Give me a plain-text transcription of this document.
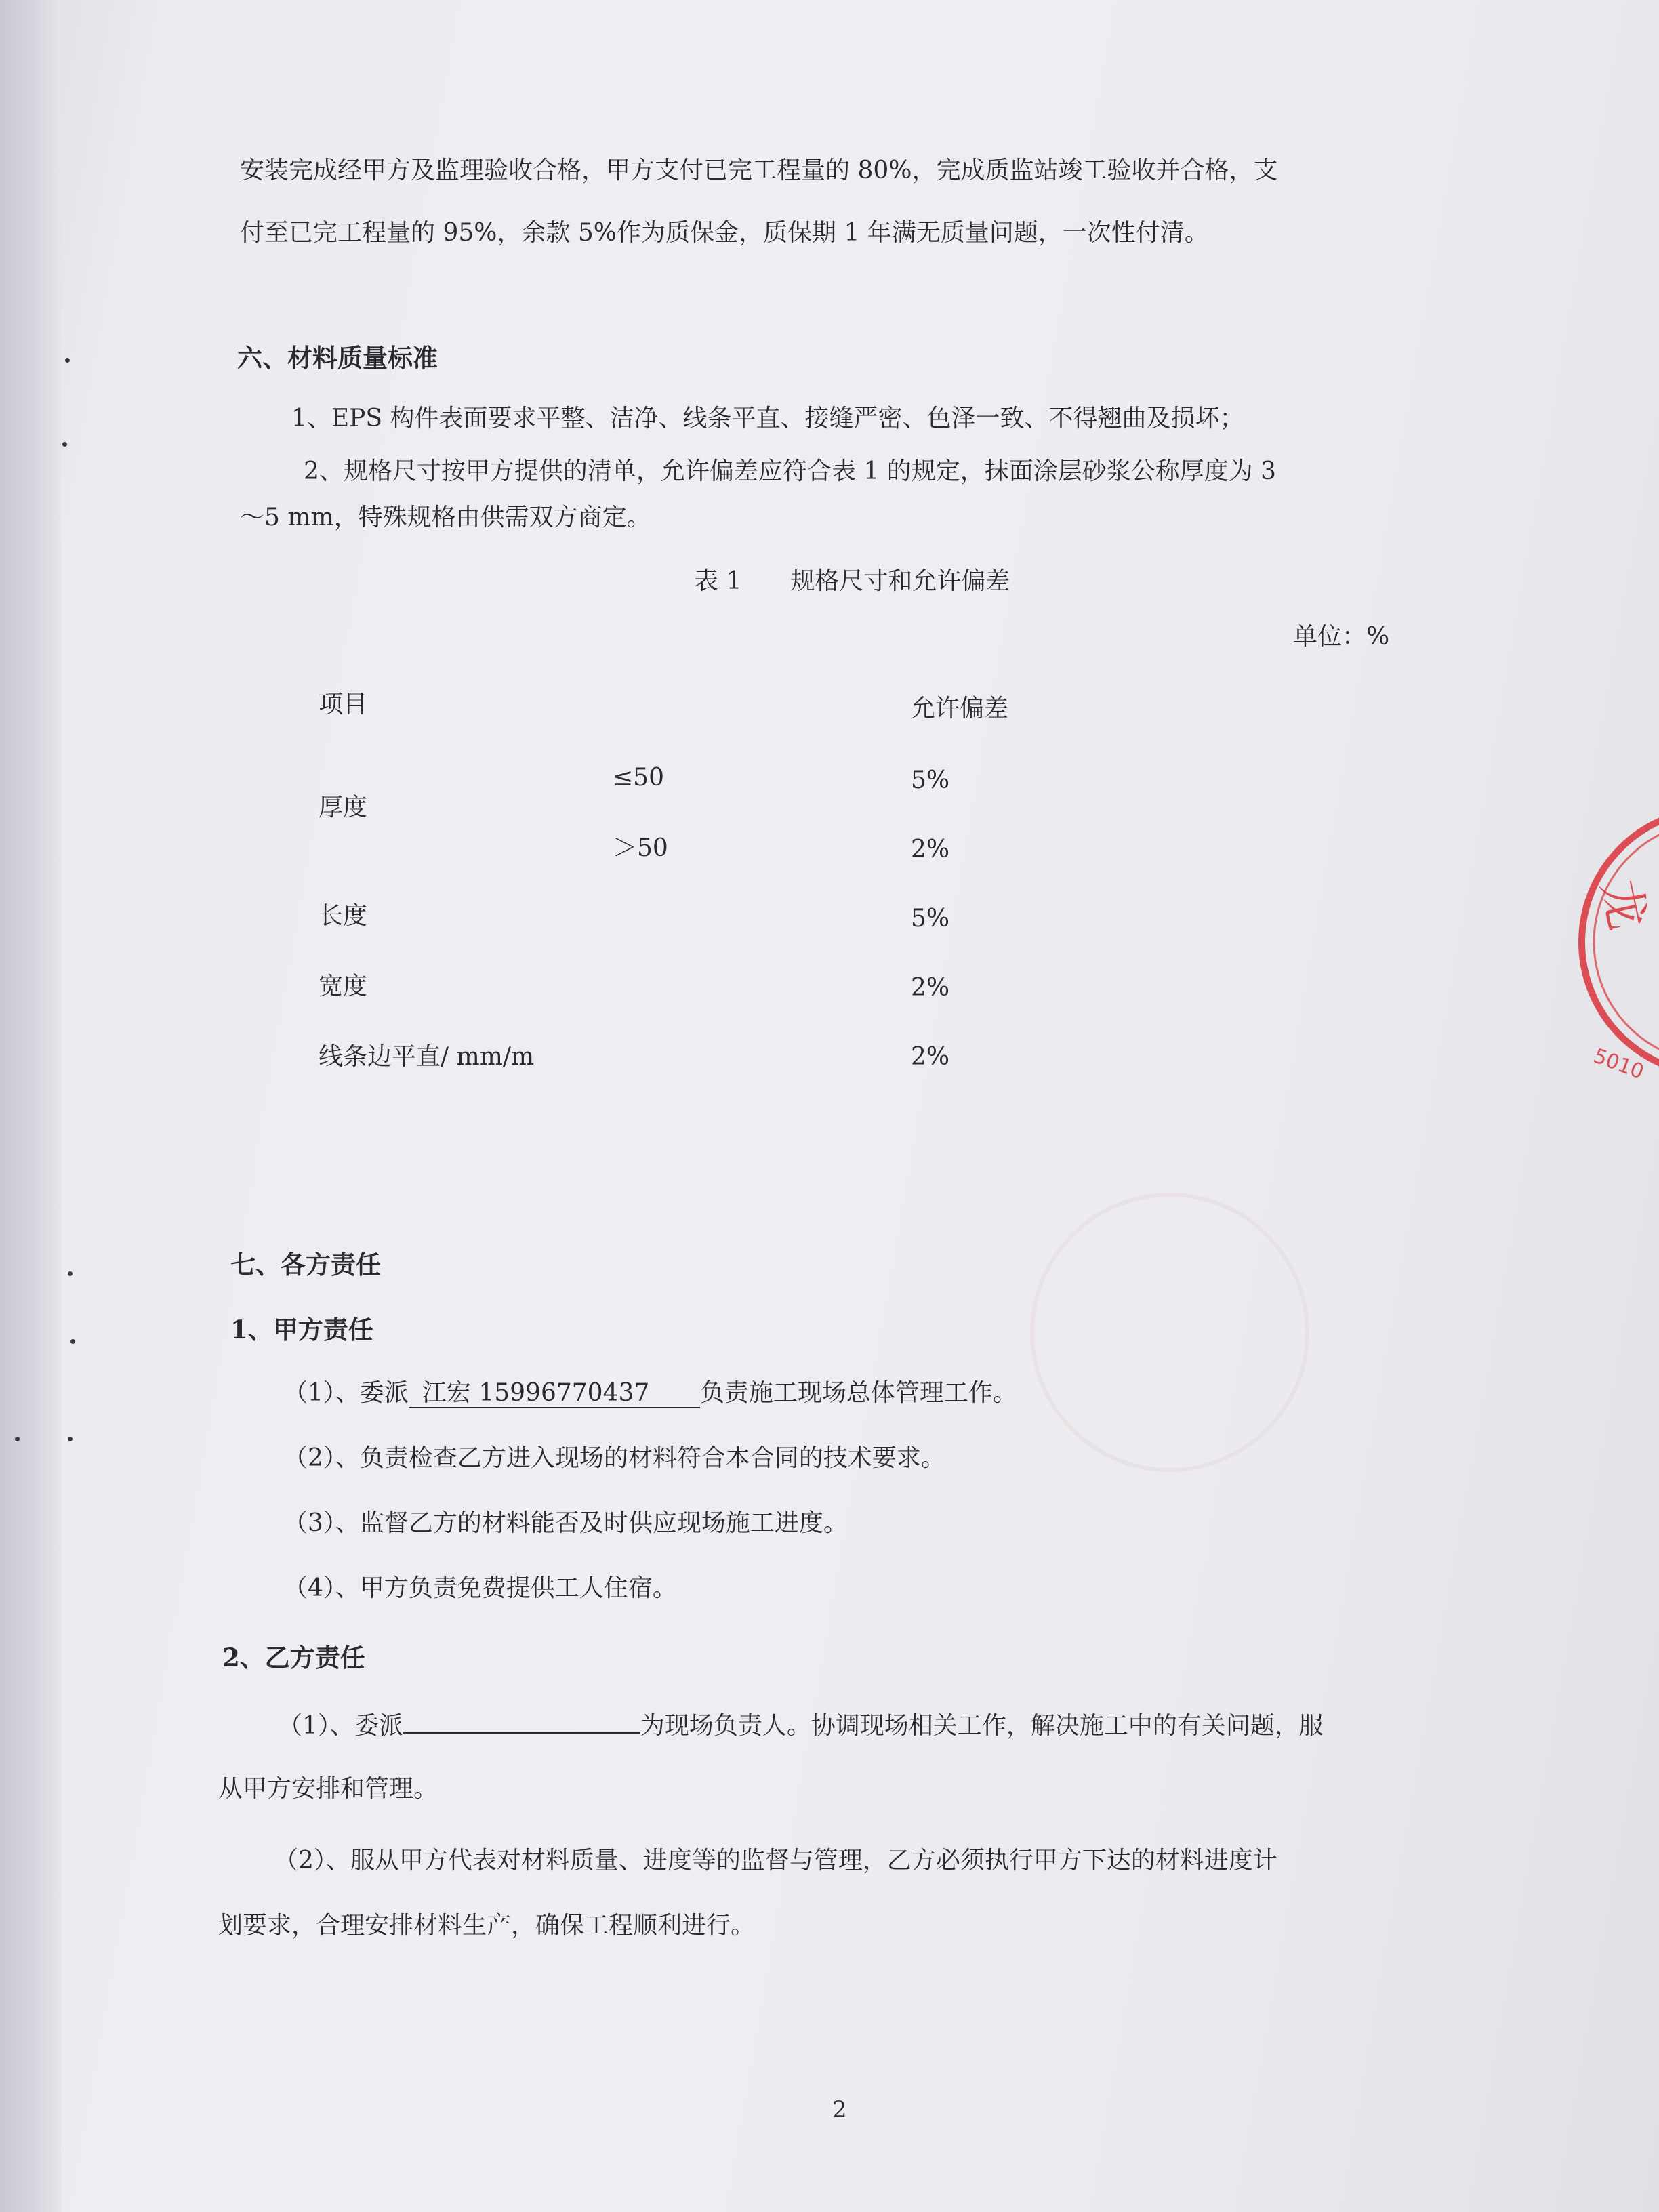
安装完成经甲方及监理验收合格，甲方支付已完工程量的 80%，完成质监站竣工验收并合格，支
付至已完工程量的 95%，余款 5%作为质保金，质保期 1 年满无质量问题，一次性付清。
六、材料质量标准
1、EPS 构件表面要求平整、洁净、线条平直、接缝严密、色泽一致、不得翘曲及损坏；
2、规格尺寸按甲方提供的清单，允许偏差应符合表 1 的规定，抹面涂层砂浆公称厚度为 3
～5 mm，特殊规格由供需双方商定。
表 1　　规格尺寸和允许偏差
单位：%
项目	允许偏差
厚度
≤50	5%
＞50	2%
长度	5%
宽度	2%
线条边平直/ mm/m	2%
七、各方责任
1、甲方责任
（1）、委派 江宏 15996770437 负责施工现场总体管理工作。
（2）、负责检查乙方进入现场的材料符合本合同的技术要求。
（3）、监督乙方的材料能否及时供应现场施工进度。
（4）、甲方负责免费提供工人住宿。
2、乙方责任
（1）、委派	为现场负责人。协调现场相关工作，解决施工中的有关问题，服
从甲方安排和管理。
（2）、服从甲方代表对材料质量、进度等的监督与管理，乙方必须执行甲方下达的材料进度计
划要求，合理安排材料生产，确保工程顺利进行。
2
龙
5010
